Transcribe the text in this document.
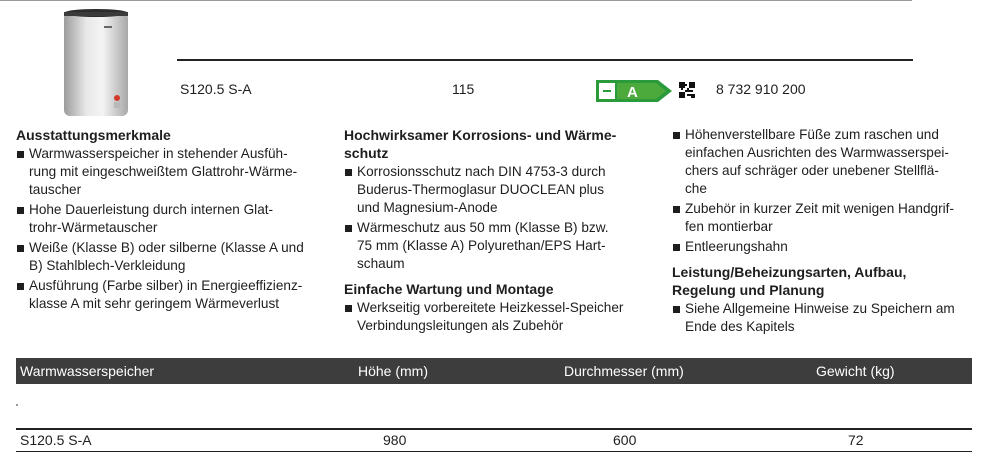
S120.5 S-A	115	A	8 732 910 200
Ausstattungsmerkmale
Warmwasserspeicher in stehender Ausfüh-
rung mit eingeschweißtem Glattrohr-Wärme-
tauscher
Hohe Dauerleistung durch internen Glat-
trohr-Wärmetauscher
Weiße (Klasse B) oder silberne (Klasse A und
B) Stahlblech-Verkleidung
Ausführung (Farbe silber) in Energieeffizienz-
klasse A mit sehr geringem Wärmeverlust
Hochwirksamer Korrosions- und Wärme-
schutz
Korrosionsschutz nach DIN 4753-3 durch
Buderus-Thermoglasur DUOCLEAN plus
und Magnesium-Anode
Wärmeschutz aus 50 mm (Klasse B) bzw.
75 mm (Klasse A) Polyurethan/EPS Hart-
schaum
Einfache Wartung und Montage
Werkseitig vorbereitete Heizkessel-Speicher
Verbindungsleitungen als Zubehör
Höhenverstellbare Füße zum raschen und
einfachen Ausrichten des Warmwasserspei-
chers auf schräger oder unebener Stellflä-
che
Zubehör in kurzer Zeit mit wenigen Handgrif-
fen montierbar
Entleerungshahn
Leistung/Beheizungsarten, Aufbau,
Regelung und Planung
Siehe Allgemeine Hinweise zu Speichern am
Ende des Kapitels
Warmwasserspeicher	Höhe (mm)	Durchmesser (mm)	Gewicht (kg)
S120.5 S-A	980	600	72
